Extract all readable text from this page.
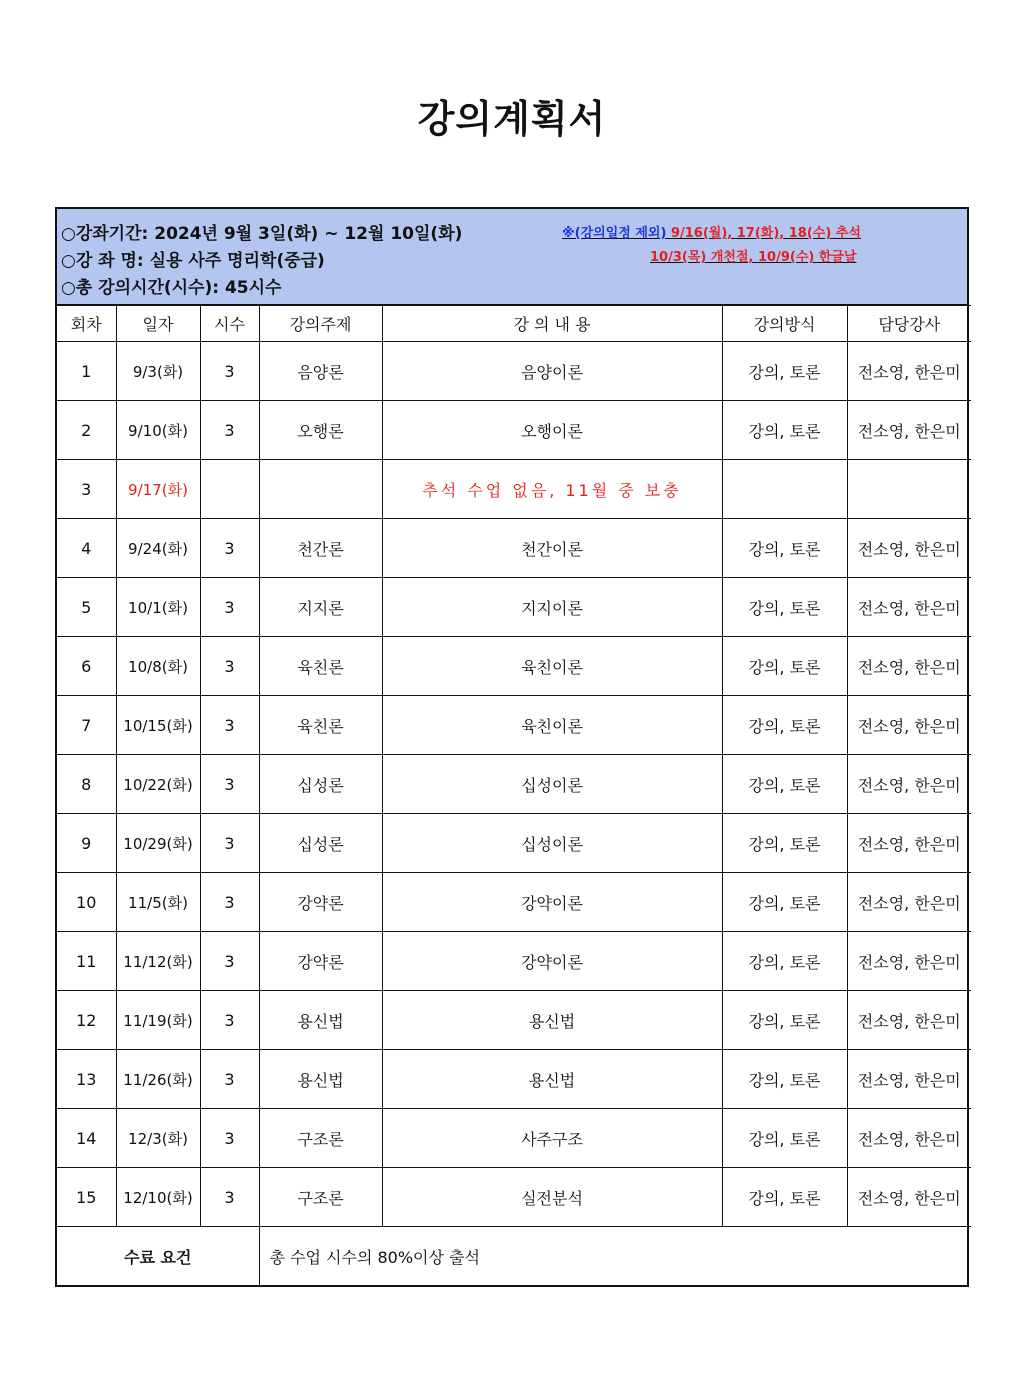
강의계획서
○강좌기간: 2024년 9월 3일(화) ~ 12월 10일(화)
○강 좌 명: 실용 사주 명리학(중급)
○총 강의시간(시수): 45시수
※(강의일정 제외) 9/16(월), 17(화), 18(수) 추석
10/3(목) 개천절, 10/9(수) 한글날
회차	일자	시수	강의주제	강 의 내 용	강의방식	담당강사
1	9/3(화)	3	음양론	음양이론	강의, 토론	전소영, 한은미
2	9/10(화)	3	오행론	오행이론	강의, 토론	전소영, 한은미
3	9/17(화)			추석 수업 없음, 11월 중 보충		
4	9/24(화)	3	천간론	천간이론	강의, 토론	전소영, 한은미
5	10/1(화)	3	지지론	지지이론	강의, 토론	전소영, 한은미
6	10/8(화)	3	육친론	육친이론	강의, 토론	전소영, 한은미
7	10/15(화)	3	육친론	육친이론	강의, 토론	전소영, 한은미
8	10/22(화)	3	십성론	십성이론	강의, 토론	전소영, 한은미
9	10/29(화)	3	십성론	십성이론	강의, 토론	전소영, 한은미
10	11/5(화)	3	강약론	강약이론	강의, 토론	전소영, 한은미
11	11/12(화)	3	강약론	강약이론	강의, 토론	전소영, 한은미
12	11/19(화)	3	용신법	용신법	강의, 토론	전소영, 한은미
13	11/26(화)	3	용신법	용신법	강의, 토론	전소영, 한은미
14	12/3(화)	3	구조론	사주구조	강의, 토론	전소영, 한은미
15	12/10(화)	3	구조론	실전분석	강의, 토론	전소영, 한은미
수료 요건			총 수업 시수의 80%이상 출석			
